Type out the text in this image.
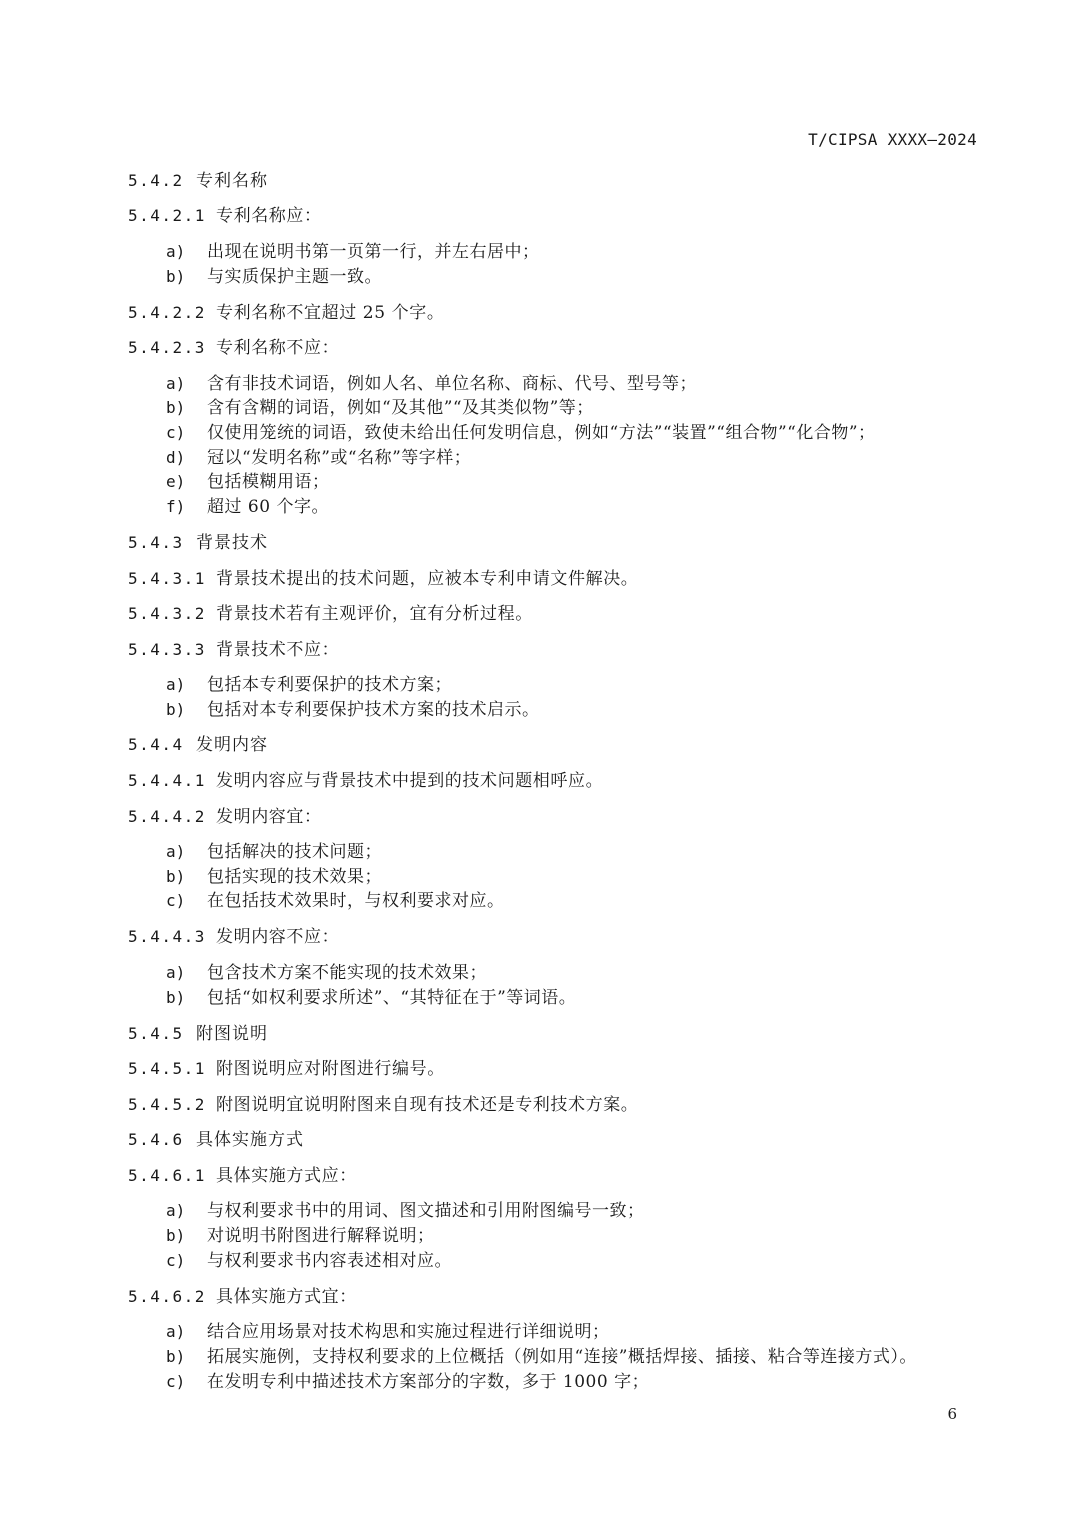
T/CIPSA XXXX—2024
5.4.2 专利名称
5.4.2.1 专利名称应：
a) 出现在说明书第一页第一行，并左右居中；
b) 与实质保护主题一致。
5.4.2.2 专利名称不宜超过 25 个字。
5.4.2.3 专利名称不应：
a) 含有非技术词语，例如人名、单位名称、商标、代号、型号等；
b) 含有含糊的词语，例如“及其他”“及其类似物”等；
c) 仅使用笼统的词语，致使未给出任何发明信息，例如“方法”“装置”“组合物”“化合物”；
d) 冠以“发明名称”或“名称”等字样；
e) 包括模糊用语；
f) 超过 60 个字。
5.4.3 背景技术
5.4.3.1 背景技术提出的技术问题，应被本专利申请文件解决。
5.4.3.2 背景技术若有主观评价，宜有分析过程。
5.4.3.3 背景技术不应：
a) 包括本专利要保护的技术方案；
b) 包括对本专利要保护技术方案的技术启示。
5.4.4 发明内容
5.4.4.1 发明内容应与背景技术中提到的技术问题相呼应。
5.4.4.2 发明内容宜：
a) 包括解决的技术问题；
b) 包括实现的技术效果；
c) 在包括技术效果时，与权利要求对应。
5.4.4.3 发明内容不应：
a) 包含技术方案不能实现的技术效果；
b) 包括“如权利要求所述”、“其特征在于”等词语。
5.4.5 附图说明
5.4.5.1 附图说明应对附图进行编号。
5.4.5.2 附图说明宜说明附图来自现有技术还是专利技术方案。
5.4.6 具体实施方式
5.4.6.1 具体实施方式应：
a) 与权利要求书中的用词、图文描述和引用附图编号一致；
b) 对说明书附图进行解释说明；
c) 与权利要求书内容表述相对应。
5.4.6.2 具体实施方式宜：
a) 结合应用场景对技术构思和实施过程进行详细说明；
b) 拓展实施例，支持权利要求的上位概括（例如用“连接”概括焊接、插接、粘合等连接方式）。
c) 在发明专利中描述技术方案部分的字数，多于 1000 字；
6
